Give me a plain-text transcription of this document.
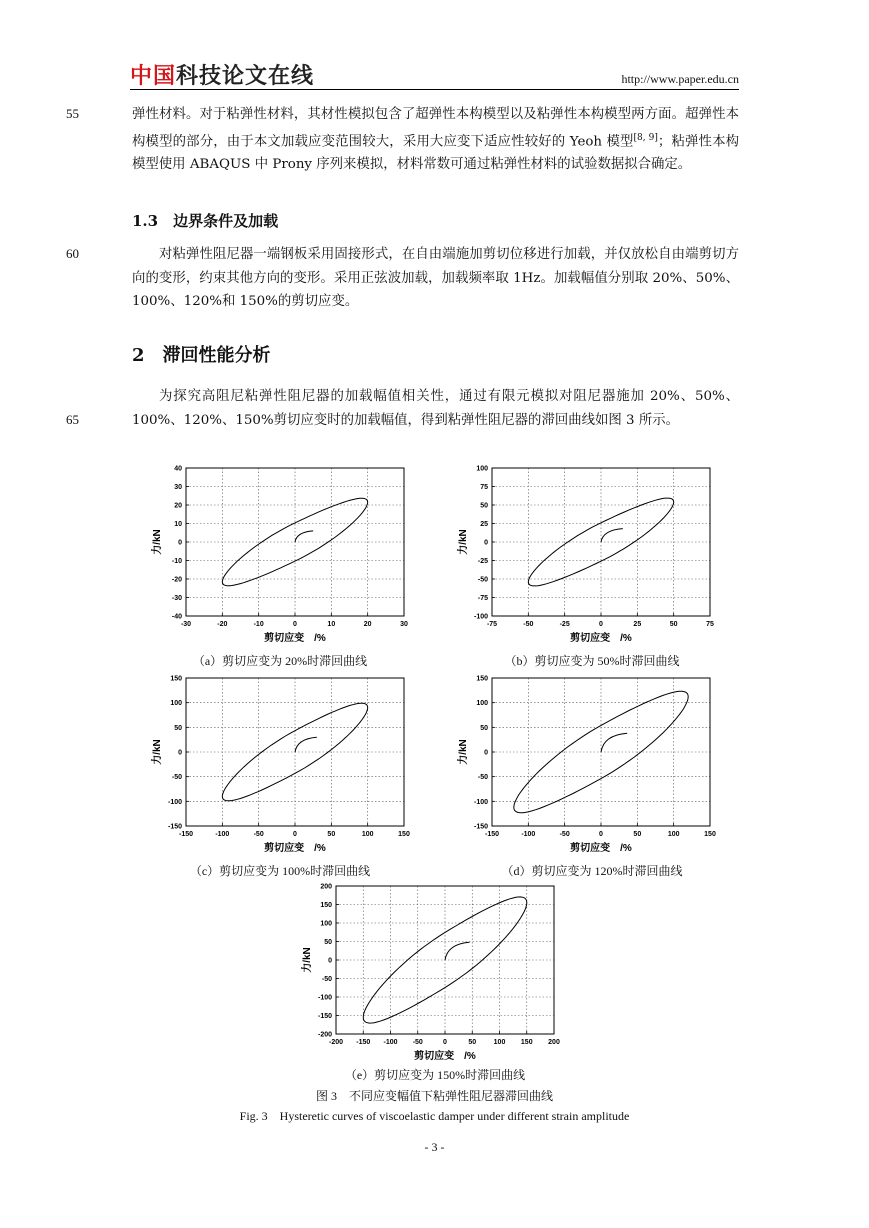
中国科技论文在线	http://www.paper.edu.cn
55
60
65
弹性材料。对于粘弹性材料，其材性模拟包含了超弹性本构模型以及粘弹性本构模型两方面。超弹性本构模型的部分，由于本文加载应变范围较大，采用大应变下适应性较好的 Yeoh 模型[8, 9]；粘弹性本构模型使用 ABAQUS 中 Prony 序列来模拟，材料常数可通过粘弹性材料的试验数据拟合确定。
1.3　边界条件及加载
对粘弹性阻尼器一端钢板采用固接形式，在自由端施加剪切位移进行加载，并仅放松自由端剪切方向的变形，约束其他方向的变形。采用正弦波加载，加载频率取 1Hz。加载幅值分别取 20%、50%、100%、120%和 150%的剪切应变。
2　滞回性能分析
为探究高阻尼粘弹性阻尼器的加载幅值相关性，通过有限元模拟对阻尼器施加 20%、50%、100%、120%、150%剪切应变时的加载幅值，得到粘弹性阻尼器的滞回曲线如图 3 所示。
-30	-20	-10	0	10	20	30
-40
-30
-20
-10
0
10
20
30
40
剪切应变　/%
力/kN
-75	-50	-25	0	25	50	75
-100
-75
-50
-25
0
25
50
75
100
剪切应变　/%
力/kN
-150	-100	-50	0	50	100	150
-150
-100
-50
0
50
100
150
剪切应变　/%
力/kN
-150	-100	-50	0	50	100	150
-150
-100
-50
0
50
100
150
剪切应变　/%
力/kN
-200 -150 -100 -50	0	50	100 150 200
-200
-150
-100
-50
0
50
100
150
200
剪切应变　/%
力/kN
（a）剪切应变为 20%时滞回曲线	（b）剪切应变为 50%时滞回曲线
（c）剪切应变为 100%时滞回曲线	（d）剪切应变为 120%时滞回曲线
（e）剪切应变为 150%时滞回曲线
图 3　不同应变幅值下粘弹性阻尼器滞回曲线
Fig. 3　Hysteretic curves of viscoelastic damper under different strain amplitude
- 3 -
